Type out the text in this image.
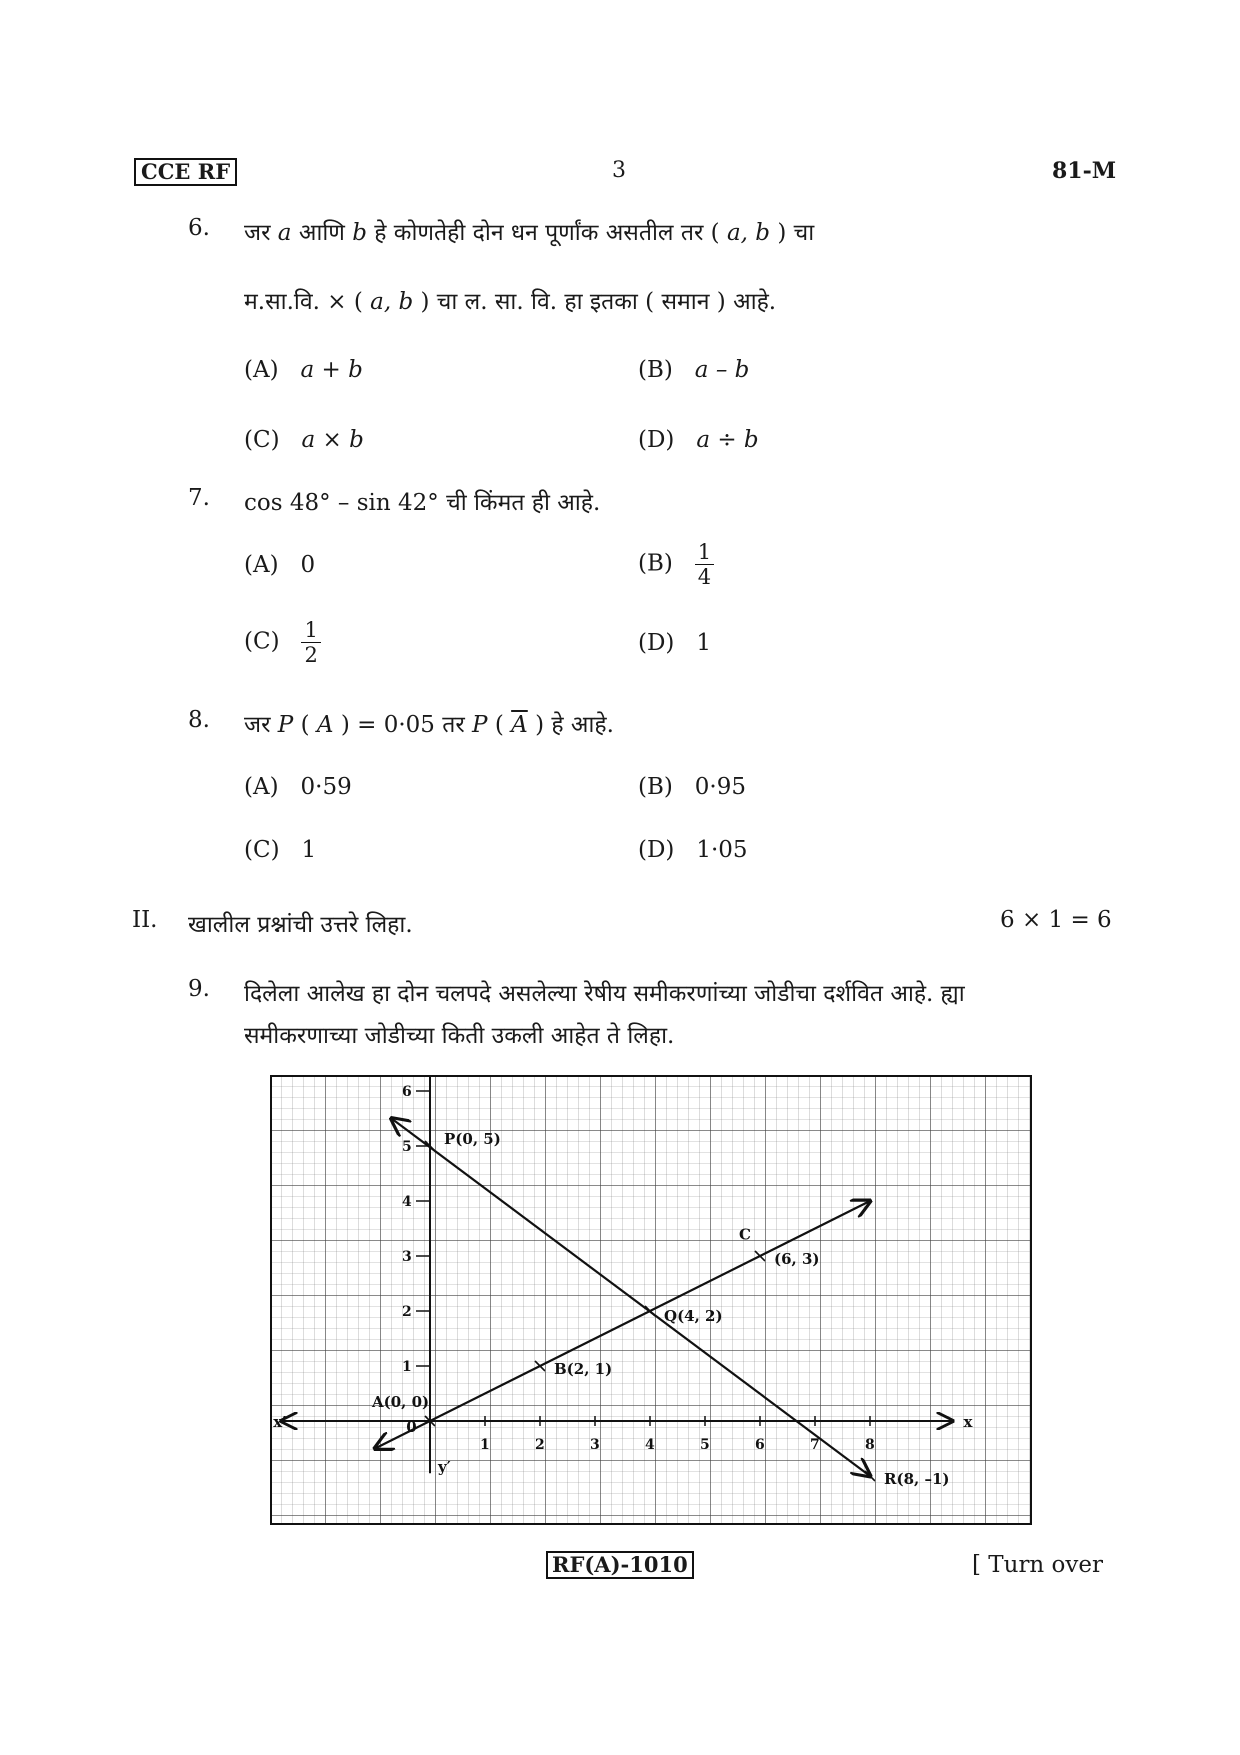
CCE RF	3	81-M
6. जर a आणि b हे कोणतेही दोन धन पूर्णांक असतील तर ( a, b ) चा
म.सा.वि. × ( a, b ) चा ल. सा. वि. हा इतका ( समान ) आहे.
(A) a + b	(B) a – b
(C) a × b	(D) a ÷ b
7. cos 48° – sin 42° ची किंमत ही आहे.
(A) 0	$(B) \frac{1}{4}$
$(C) \frac{1}{2}$	(D) 1
8. जर P ( A ) = 0·05 तर P ( $\overline{A}$ ) हे आहे.
(A) 0·59	(B) 0·95
(C) 1	(D) 1·05
II. खालील प्रश्नांची उत्तरे लिहा.	6 × 1 = 6
9. दिलेला आलेख हा दोन चलपदे असलेल्या रेषीय समीकरणांच्या जोडीचा दर्शवित आहे. ह्या
समीकरणाच्या जोडीच्या किती उकली आहेत ते लिहा.
x
x′
y′
1	2	3	4	5	6	7	8
1
2
3
4
5
6
P(0, 5)
Q(4, 2)
B(2, 1)
A(0, 0)
(6, 3)
R(8, –1)
C
0
RF(A)-1010	[ Turn over
